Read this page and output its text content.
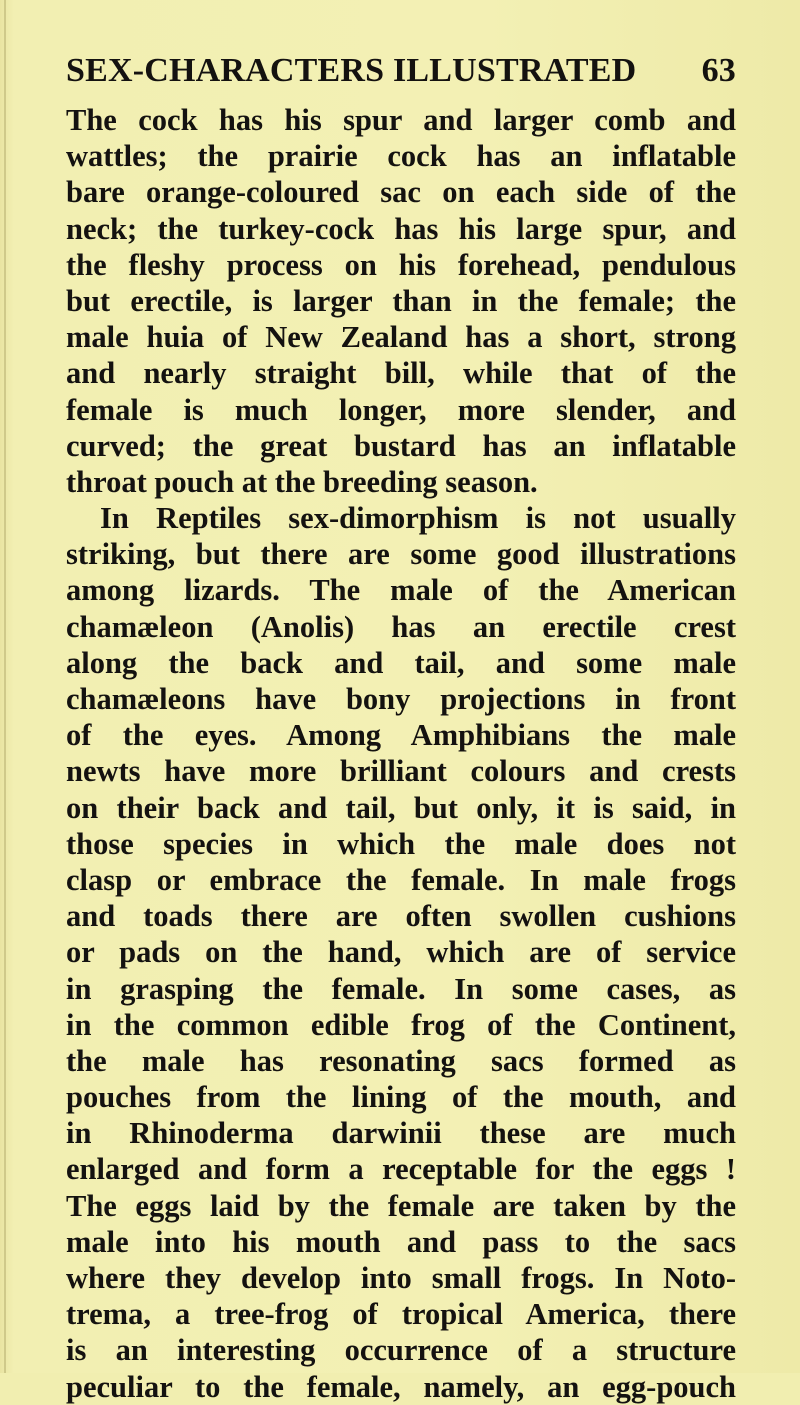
SEX-CHARACTERS ILLUSTRATED 63
The cock has his spur and larger comb and
wattles; the prairie cock has an inflatable
bare orange-coloured sac on each side of the
neck; the turkey-cock has his large spur, and
the fleshy process on his forehead, pendulous
but erectile, is larger than in the female; the
male huia of New Zealand has a short, strong
and nearly straight bill, while that of the
female is much longer, more slender, and
curved; the great bustard has an inflatable
throat pouch at the breeding season.
In Reptiles sex-dimorphism is not usually
striking, but there are some good illustrations
among lizards. The male of the American
chamæleon (Anolis) has an erectile crest
along the back and tail, and some male
chamæleons have bony projections in front
of the eyes. Among Amphibians the male
newts have more brilliant colours and crests
on their back and tail, but only, it is said, in
those species in which the male does not
clasp or embrace the female. In male frogs
and toads there are often swollen cushions
or pads on the hand, which are of service
in grasping the female. In some cases, as
in the common edible frog of the Continent,
the male has resonating sacs formed as
pouches from the lining of the mouth, and
in Rhinoderma darwinii these are much
enlarged and form a receptable for the eggs !
The eggs laid by the female are taken by the
male into his mouth and pass to the sacs
where they develop into small frogs. In Noto-
trema, a tree-frog of tropical America, there
is an interesting occurrence of a structure
peculiar to the female, namely, an egg-pouch
